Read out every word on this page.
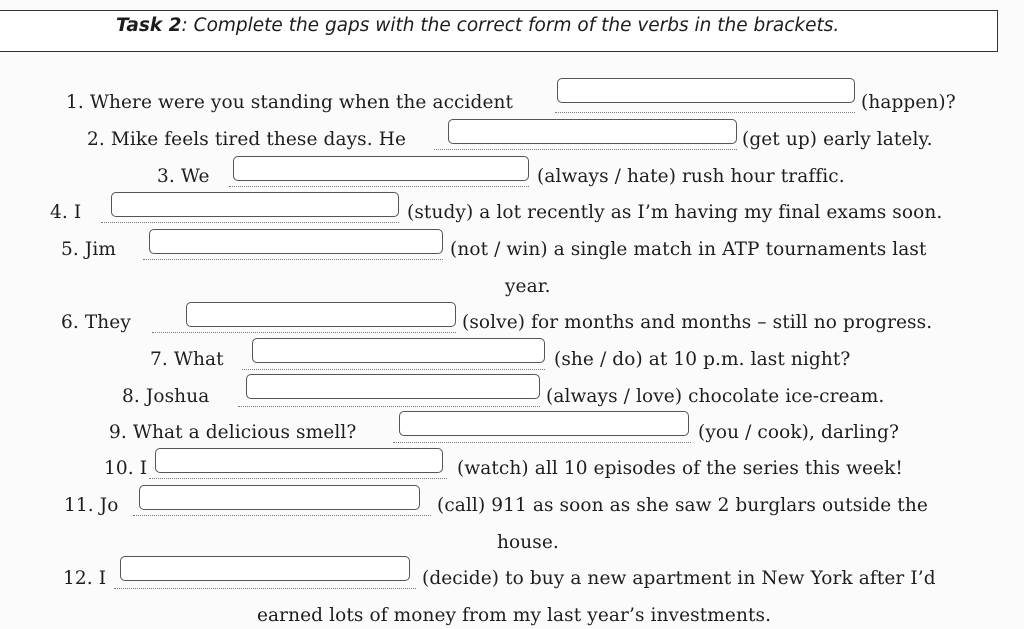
Task 2: Complete the gaps with the correct form of the verbs in the brackets.
1. Where were you standing when the accident	(happen)?
2. Mike feels tired these days. He	(get up) early lately.
3. We	(always / hate) rush hour traffic.
4. I	(study) a lot recently as I’m having my final exams soon.
5. Jim	(not / win) a single match in ATP tournaments last
year.
6. They	(solve) for months and months – still no progress.
7. What	(she / do) at 10 p.m. last night?
8. Joshua	(always / love) chocolate ice-cream.
9. What a delicious smell?	(you / cook), darling?
10. I	(watch) all 10 episodes of the series this week!
11. Jo	(call) 911 as soon as she saw 2 burglars outside the
house.
12. I	(decide) to buy a new apartment in New York after I’d
earned lots of money from my last year’s investments.
